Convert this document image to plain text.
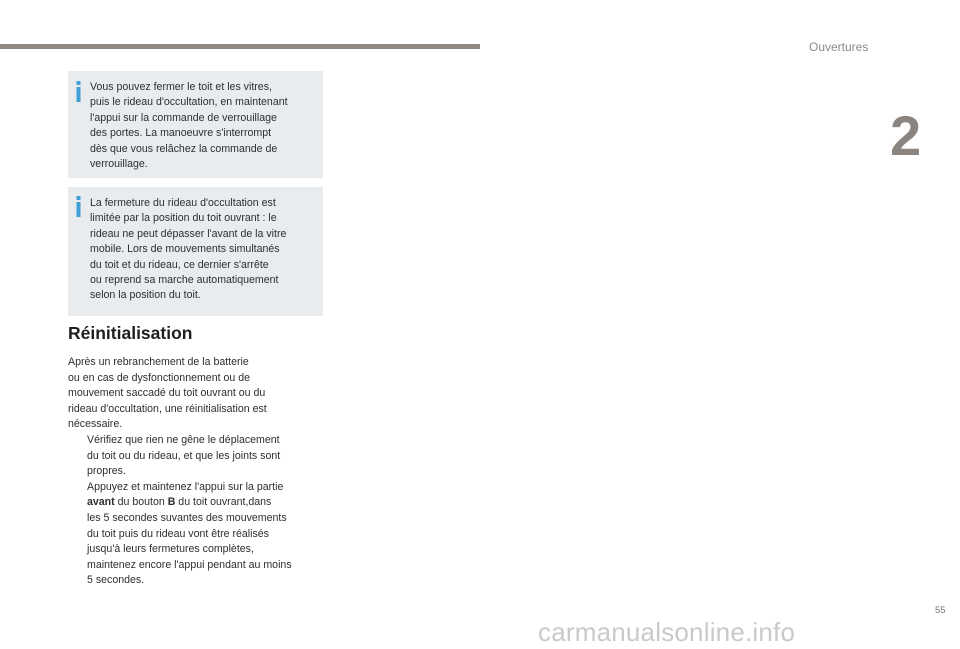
Ouvertures
2

Vous pouvez fermer le toit et les vitres,
puis le rideau d'occultation, en maintenant
l'appui sur la commande de verrouillage
des portes. La manoeuvre s'interrompt
dès que vous relâchez la commande de
verrouillage.

La fermeture du rideau d'occultation est
limitée par la position du toit ouvrant : le
rideau ne peut dépasser l'avant de la vitre
mobile. Lors de mouvements simultanés
du toit et du rideau, ce dernier s'arrête
ou reprend sa marche automatiquement
selon la position du toit.

Réinitialisation

Après un rebranchement de la batterie
ou en cas de dysfonctionnement ou de
mouvement saccadé du toit ouvrant ou du
rideau d'occultation, une réinitialisation est
nécessaire.

Vérifiez que rien ne gêne le déplacement
du toit ou du rideau, et que les joints sont
propres.
Appuyez et maintenez l'appui sur la partie
avant du bouton B du toit ouvrant,dans
les 5 secondes suvantes des mouvements
du toit puis du rideau vont être réalisés
jusqu'à leurs fermetures complètes,
maintenez encore l'appui pendant au moins
5 secondes.
55
carmanualsonline.info
